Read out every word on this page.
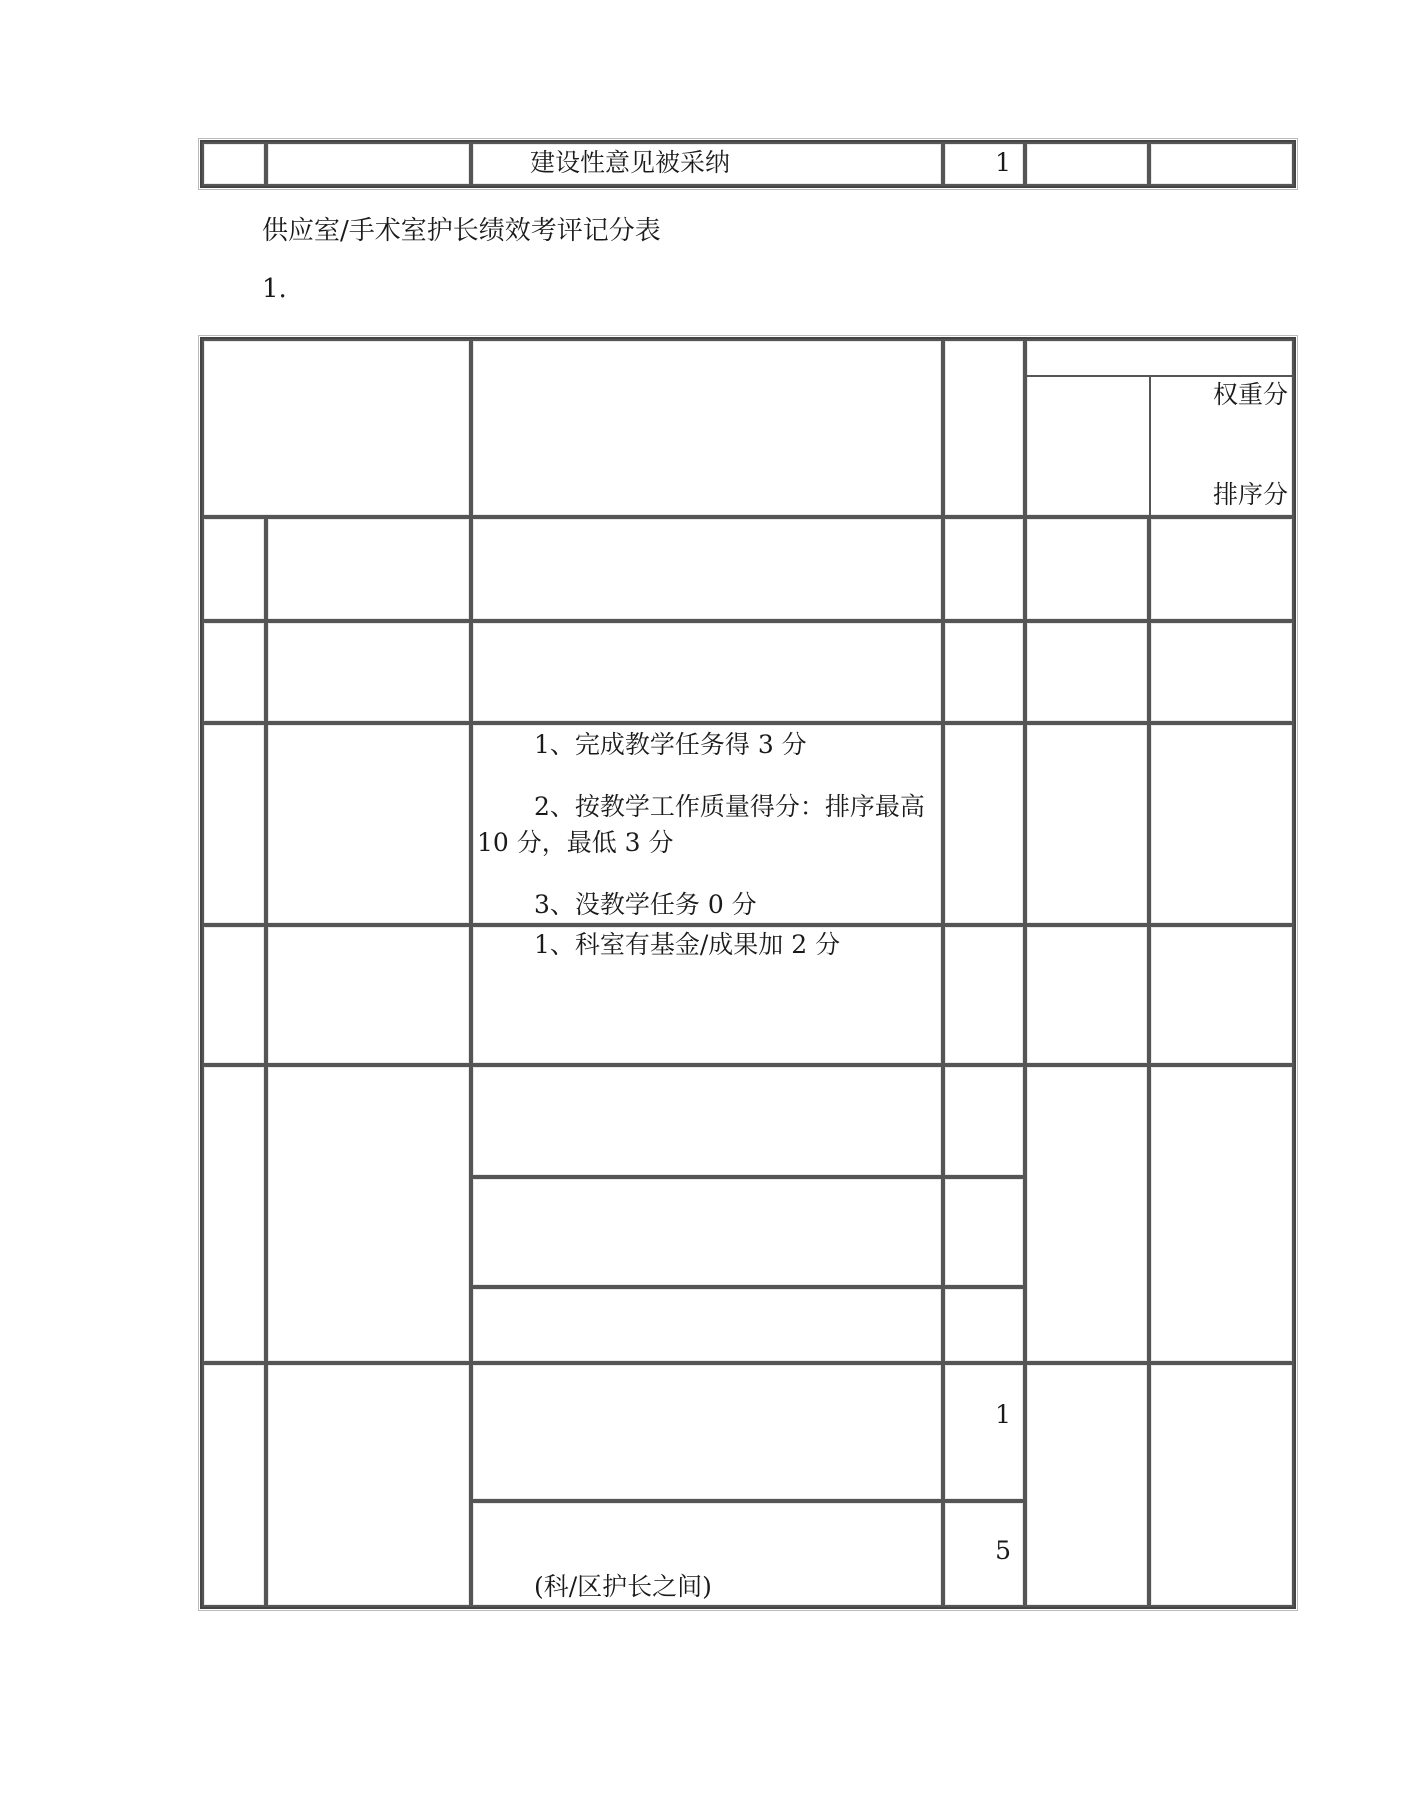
建设性意见被采纳	1

供应室/手术室护长绩效考评记分表
1.

				权重分
排序分	

		1、完成教学任务得 3 分

2、按教学工作质量得分：排序最高 10 分，最低 3 分

3、没教学任务 0 分			

		1、科室有基金/成果加 2 分			

			1		

		(科/区护长之间)	5		
